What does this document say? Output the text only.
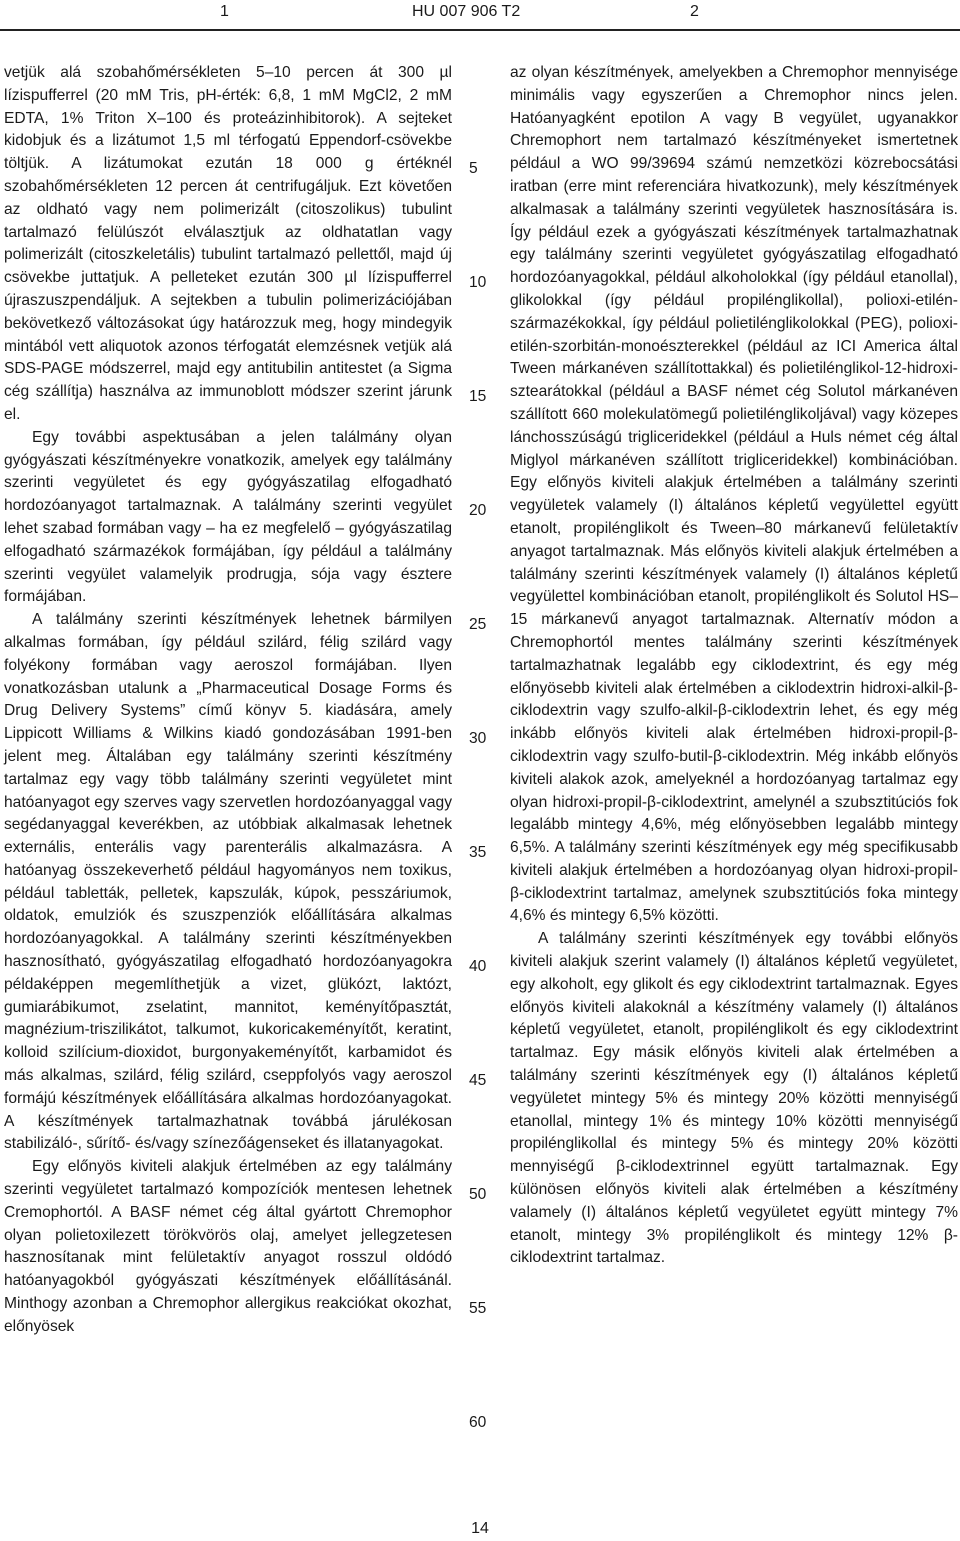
1	HU 007 906 T2	2

vetjük alá szobahőmérsékleten 5–10 percen át 300 µl lízispufferrel (20 mM Tris, pH-érték: 6,8, 1 mM MgCl2, 2 mM EDTA, 1% Triton X–100 és proteázinhibitorok). A sejteket kidobjuk és a lizátumot 1,5 ml térfogatú Eppendorf-csövekbe töltjük. A lizátumokat ezután 18 000 g értéknél szobahőmérsékleten 12 percen át centrifugáljuk. Ezt követően az oldható vagy nem polimerizált (citoszolikus) tubulint tartalmazó felülúszót elválasztjuk az oldhatatlan vagy polimerizált (citoszkeletális) tubulint tartalmazó pellettől, majd új csövekbe juttatjuk. A pelleteket ezután 300 µl lízispufferrel újraszuszpendáljuk. A sejtekben a tubulin polimerizációjában bekövetkező változásokat úgy határozzuk meg, hogy mindegyik mintából vett aliquotok azonos térfogatát elemzésnek vetjük alá SDS-PAGE módszerrel, majd egy antitubilin antitestet (a Sigma cég szállítja) használva az immunoblott módszer szerint járunk el.

Egy további aspektusában a jelen találmány olyan gyógyászati készítményekre vonatkozik, amelyek egy találmány szerinti vegyületet és egy gyógyászatilag elfogadható hordozóanyagot tartalmaznak. A találmány szerinti vegyület lehet szabad formában vagy – ha ez megfelelő – gyógyászatilag elfogadható származékok formájában, így például a találmány szerinti vegyület valamelyik prodrugja, sója vagy észtere formájában.

A találmány szerinti készítmények lehetnek bármilyen alkalmas formában, így például szilárd, félig szilárd vagy folyékony formában vagy aeroszol formájában. Ilyen vonatkozásban utalunk a „Pharmaceutical Dosage Forms és Drug Delivery Systems” című könyv 5. kiadására, amely Lippicott Williams & Wilkins kiadó gondozásában 1991-ben jelent meg. Általában egy találmány szerinti készítmény tartalmaz egy vagy több találmány szerinti vegyületet mint hatóanyagot egy szerves vagy szervetlen hordozóanyaggal vagy segédanyaggal keverékben, az utóbbiak alkalmasak lehetnek externális, enterális vagy parenterális alkalmazásra. A hatóanyag összekeverhető például hagyományos nem toxikus, például tabletták, pelletek, kapszulák, kúpok, pesszáriumok, oldatok, emulziók és szuszpenziók előállítására alkalmas hordozóanyagokkal. A találmány szerinti készítményekben hasznosítható, gyógyászatilag elfogadható hordozóanyagokra példaképpen megemlíthetjük a vizet, glükózt, laktózt, gumiarábikumot, zselatint, mannitot, keményítőpasztát, magnézium-triszilikátot, talkumot, kukoricakeményítőt, keratint, kolloid szilícium-dioxidot, burgonyakeményítőt, karbamidot és más alkalmas, szilárd, félig szilárd, cseppfolyós vagy aeroszol formájú készítmények előállítására alkalmas hordozóanyagokat. A készítmények tartalmazhatnak továbbá járulékosan stabilizáló-, sűrítő- és/vagy színezőágenseket és illatanyagokat.

Egy előnyös kiviteli alakjuk értelmében az egy találmány szerinti vegyületet tartalmazó kompozíciók mentesen lehetnek Cremophortól. A BASF német cég által gyártott Chremophor olyan polietoxilezett törökvörös olaj, amelyet jellegzetesen hasznosítanak mint felületaktív anyagot rosszul oldódó hatóanyagokból gyógyászati készítmények előállításánál. Minthogy azonban a Chremophor allergikus reakciókat okozhat, előnyösek

5
10
15
20
25
30
35
40
45
50
55
60

az olyan készítmények, amelyekben a Chremophor mennyisége minimális vagy egyszerűen a Chremophor nincs jelen. Hatóanyagként epotilon A vagy B vegyület, ugyanakkor Chremophort nem tartalmazó készítményeket ismertetnek például a WO 99/39694 számú nemzetközi közrebocsátási iratban (erre mint referenciára hivatkozunk), mely készítmények alkalmasak a találmány szerinti vegyületek hasznosítására is. Így például ezek a gyógyászati készítmények tartalmazhatnak egy találmány szerinti vegyületet gyógyászatilag elfogadható hordozóanyagokkal, például alkoholokkal (így például etanollal), glikolokkal (így például propilénglikollal), polioxi-etilén-származékokkal, így például polietilénglikolokkal (PEG), polioxi-etilén-szorbitán-monoészterekkel (például az ICI America által Tween márkanéven szállítottakkal) és polietilénglikol-12-hidroxi-sztearátokkal (például a BASF német cég Solutol márkanéven szállított 660 molekulatömegű polietilénglikoljával) vagy közepes lánchosszúságú trigliceridekkel (például a Huls német cég által Miglyol márkanéven szállított trigliceridekkel) kombinációban. Egy előnyös kiviteli alakjuk értelmében a találmány szerinti vegyületek valamely (I) általános képletű vegyülettel együtt etanolt, propilénglikolt és Tween–80 márkanevű felületaktív anyagot tartalmaznak. Más előnyös kiviteli alakjuk értelmében a találmány szerinti készítmények valamely (I) általános képletű vegyülettel kombinációban etanolt, propilénglikolt és Solutol HS–15 márkanevű anyagot tartalmaznak. Alternatív módon a Chremophortól mentes találmány szerinti készítmények tartalmazhatnak legalább egy ciklodextrint, és egy még előnyösebb kiviteli alak értelmében a ciklodextrin hidroxi-alkil-β-ciklodextrin vagy szulfo-alkil-β-ciklodextrin lehet, és egy még inkább előnyös kiviteli alak értelmében hidroxi-propil-β-ciklodextrin vagy szulfo-butil-β-ciklodextrin. Még inkább előnyös kiviteli alakok azok, amelyeknél a hordozóanyag tartalmaz egy olyan hidroxi-propil-β-ciklodextrint, amelynél a szubsztitúciós fok legalább mintegy 4,6%, még előnyösebben legalább mintegy 6,5%. A találmány szerinti készítmények egy még specifikusabb kiviteli alakjuk értelmében a hordozóanyag olyan hidroxi-propil-β-ciklodextrint tartalmaz, amelynek szubsztitúciós foka mintegy 4,6% és mintegy 6,5% közötti.

A találmány szerinti készítmények egy további előnyös kiviteli alakjuk szerint valamely (I) általános képletű vegyületet, egy alkoholt, egy glikolt és egy ciklodextrint tartalmaznak. Egyes előnyös kiviteli alakoknál a készítmény valamely (I) általános képletű vegyületet, etanolt, propilénglikolt és egy ciklodextrint tartalmaz. Egy másik előnyös kiviteli alak értelmében a találmány szerinti készítmények egy (I) általános képletű vegyületet mintegy 5% és mintegy 20% közötti mennyiségű etanollal, mintegy 1% és mintegy 10% közötti mennyiségű propilénglikollal és mintegy 5% és mintegy 20% közötti mennyiségű β-ciklodextrinnel együtt tartalmaznak. Egy különösen előnyös kiviteli alak értelmében a készítmény valamely (I) általános képletű vegyületet együtt mintegy 7% etanolt, mintegy 3% propilénglikolt és mintegy 12% β-ciklodextrint tartalmaz.

14
